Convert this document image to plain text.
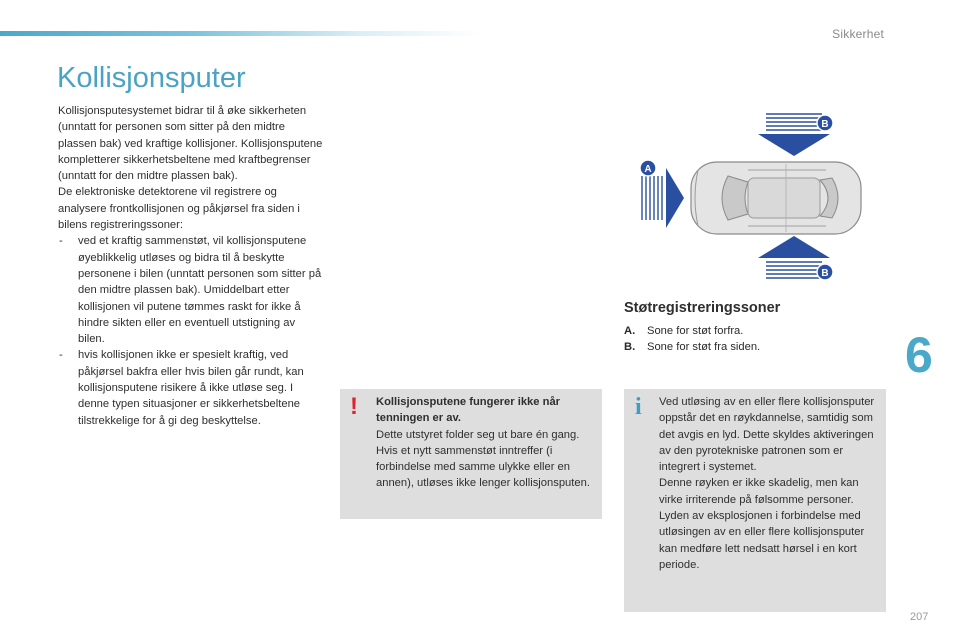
Sikkerhet
Kollisjonsputer

Kollisjonsputesystemet bidrar til å øke sikkerheten (unntatt for personen som sitter på den midtre plassen bak) ved kraftige kollisjoner. Kollisjonsputene kompletterer sikkerhetsbeltene med kraftbegrenser (unntatt for den midtre plassen bak).

De elektroniske detektorene vil registrere og analysere frontkollisjonen og påkjørsel fra siden i bilens registreringssoner:

- ved et kraftig sammenstøt, vil kollisjonsputene øyeblikkelig utløses og bidra til å beskytte personene i bilen (unntatt personen som sitter på den midtre plassen bak). Umiddelbart etter kollisjonen vil putene tømmes raskt for ikke å hindre sikten eller en eventuell utstigning av bilen.
- hvis kollisjonen ikke er spesielt kraftig, ved påkjørsel bakfra eller hvis bilen går rundt, kan kollisjonsputene risikere å ikke utløse seg. I denne typen situasjoner er sikkerhetsbeltene tilstrekkelige for å gi deg beskyttelse.
! Kollisjonsputene fungerer ikke når tenningen er av.
Dette utstyret folder seg ut bare én gang. Hvis et nytt sammenstøt inntreffer (i forbindelse med samme ulykke eller en annen), utløses ikke lenger kollisjonsputen.
A
B
B
Støtregistreringssoner
A.	Sone for støt forfra.
B.	Sone for støt fra siden.
i Ved utløsing av en eller flere kollisjonsputer oppstår det en røykdannelse, samtidig som det avgis en lyd. Dette skyldes aktiveringen av den pyrotekniske patronen som er integrert i systemet.

Denne røyken er ikke skadelig, men kan virke irriterende på følsomme personer. Lyden av eksplosjonen i forbindelse med utløsingen av en eller flere kollisjonsputer kan medføre lett nedsatt hørsel i en kort periode.

6
207
